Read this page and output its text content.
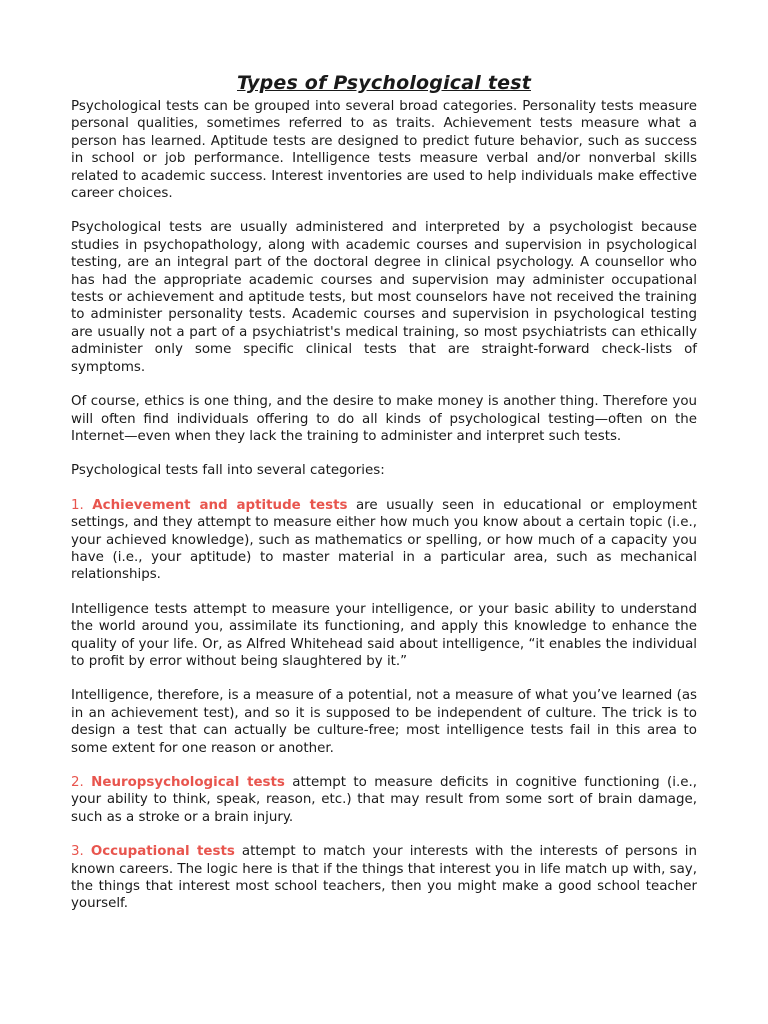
Types of Psychological test

Psychological tests can be grouped into several broad categories. Personality tests measure personal qualities, sometimes referred to as traits. Achievement tests measure what a person has learned. Aptitude tests are designed to predict future behavior, such as success in school or job performance. Intelligence tests measure verbal and/or nonverbal skills related to academic success. Interest inventories are used to help individuals make effective career choices.

Psychological tests are usually administered and interpreted by a psychologist because studies in psychopathology, along with academic courses and supervision in psychological testing, are an integral part of the doctoral degree in clinical psychology. A counsellor who has had the appropriate academic courses and supervision may administer occupational tests or achievement and aptitude tests, but most counselors have not received the training to administer personality tests. Academic courses and supervision in psychological testing are usually not a part of a psychiatrist's medical training, so most psychiatrists can ethically administer only some specific clinical tests that are straight-forward check-lists of symptoms.

Of course, ethics is one thing, and the desire to make money is another thing. Therefore you will often find individuals offering to do all kinds of psychological testing—often on the Internet—even when they lack the training to administer and interpret such tests.

Psychological tests fall into several categories:

1. Achievement and aptitude tests are usually seen in educational or employment settings, and they attempt to measure either how much you know about a certain topic (i.e., your achieved knowledge), such as mathematics or spelling, or how much of a capacity you have (i.e., your aptitude) to master material in a particular area, such as mechanical relationships.

Intelligence tests attempt to measure your intelligence, or your basic ability to understand the world around you, assimilate its functioning, and apply this knowledge to enhance the quality of your life. Or, as Alfred Whitehead said about intelligence, “it enables the individual to profit by error without being slaughtered by it.”

Intelligence, therefore, is a measure of a potential, not a measure of what you’ve learned (as in an achievement test), and so it is supposed to be independent of culture. The trick is to design a test that can actually be culture-free; most intelligence tests fail in this area to some extent for one reason or another.

2. Neuropsychological tests attempt to measure deficits in cognitive functioning (i.e., your ability to think, speak, reason, etc.) that may result from some sort of brain damage, such as a stroke or a brain injury.

3. Occupational tests attempt to match your interests with the interests of persons in known careers. The logic here is that if the things that interest you in life match up with, say, the things that interest most school teachers, then you might make a good school teacher yourself.
